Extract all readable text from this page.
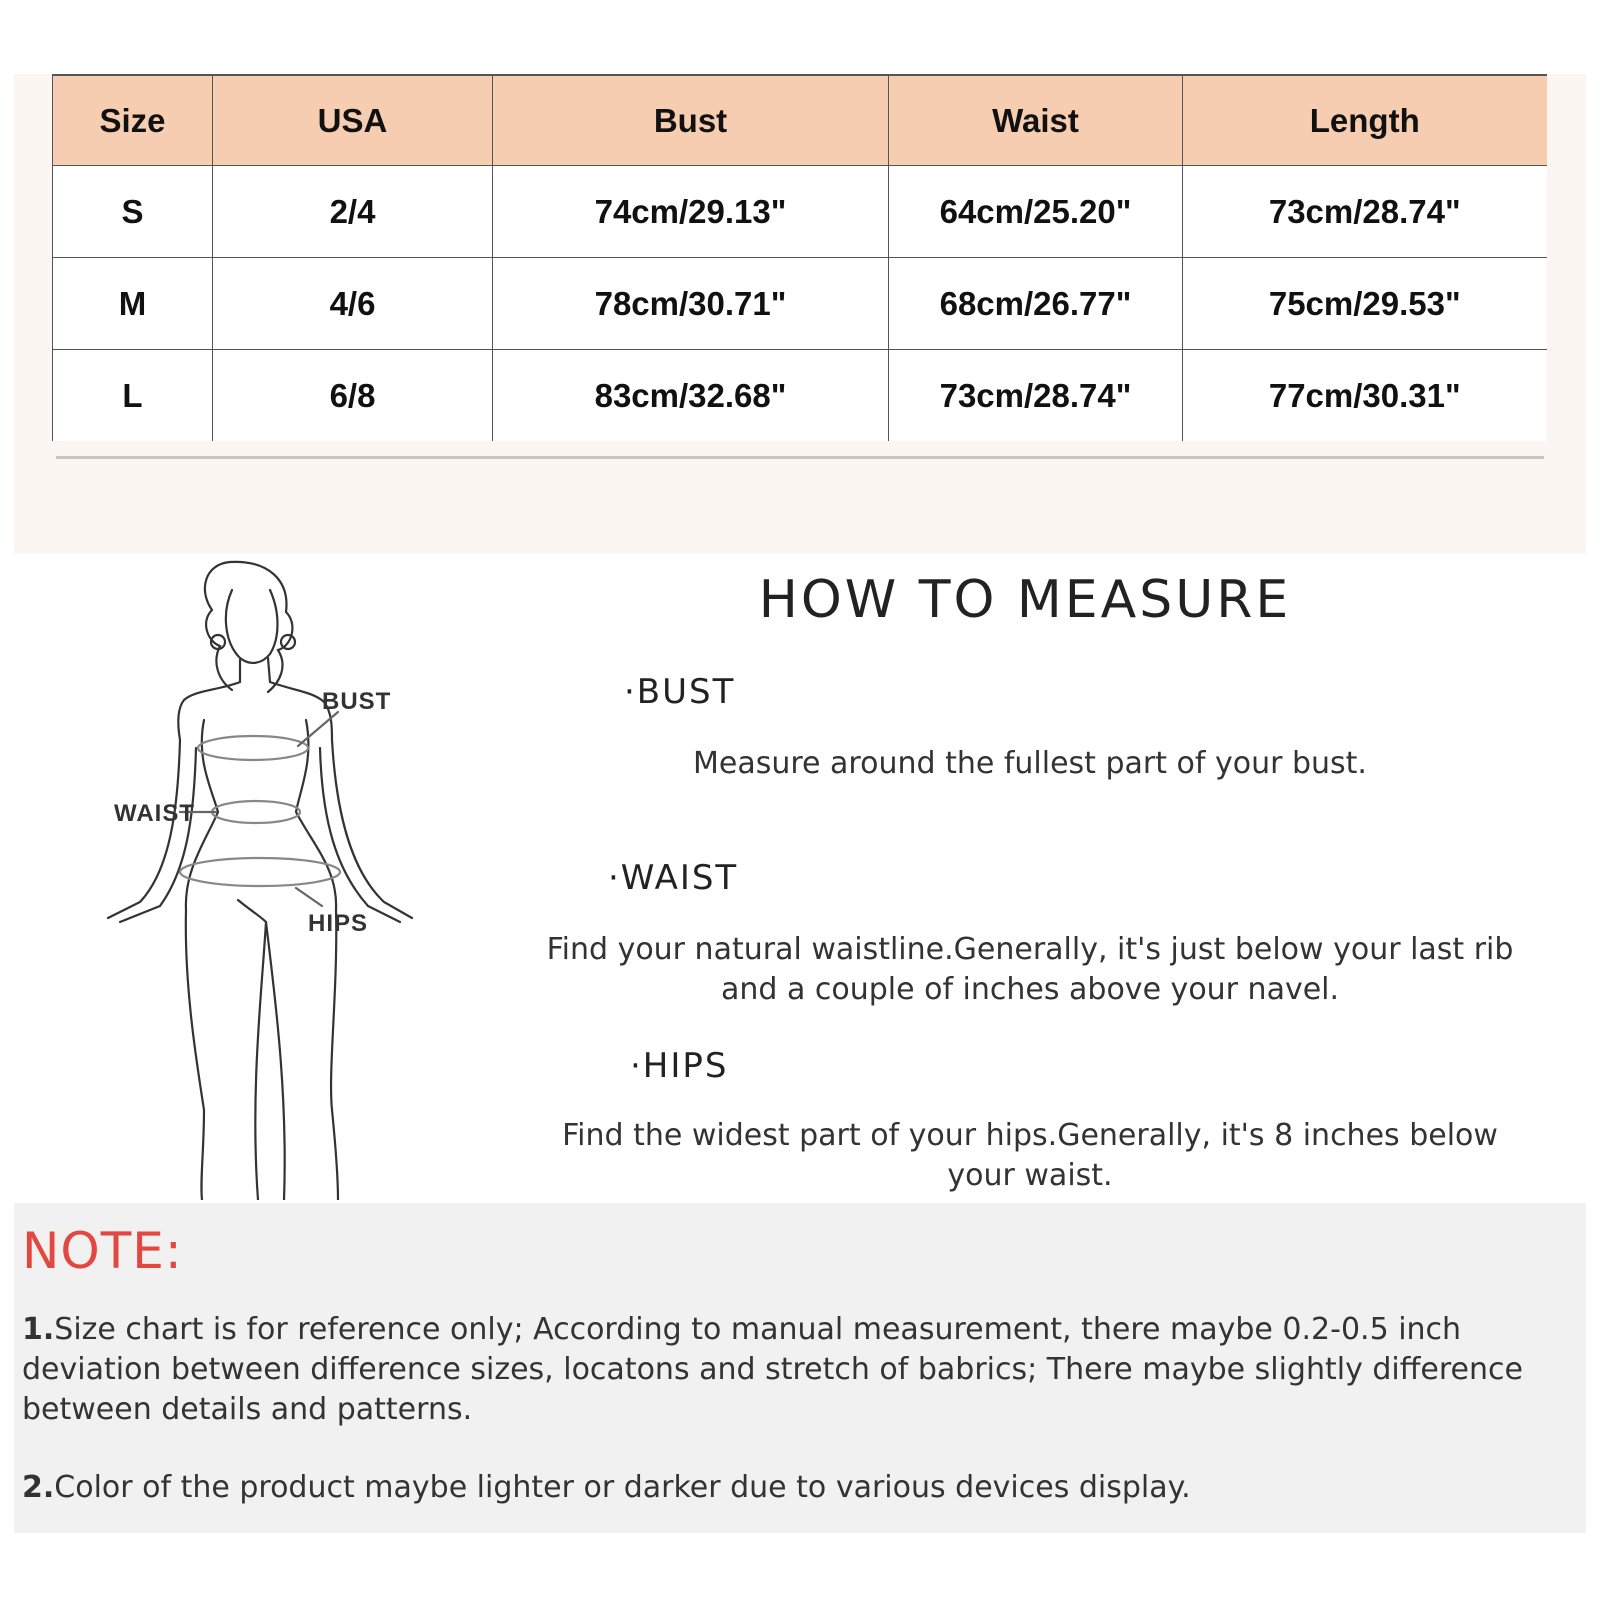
Size	USA	Bust	Waist	Length
S	2/4	74cm/29.13"	64cm/25.20"	73cm/28.74"
M	4/6	78cm/30.71"	68cm/26.77"	75cm/29.53"
L	6/8	83cm/32.68"	73cm/28.74"	77cm/30.31"
BUST
WAIST
HIPS
HOW TO MEASURE
·BUST
Measure around the fullest part of your bust.
·WAIST
Find your natural waistline.Generally, it's just below your last rib and a couple of inches above your navel.
·HIPS
Find the widest part of your hips.Generally, it's 8 inches below your waist.
NOTE:
1.Size chart is for reference only; According to manual measurement, there maybe 0.2-0.5 inch deviation between difference sizes, locatons and stretch of babrics; There maybe slightly difference between details and patterns.
2.Color of the product maybe lighter or darker due to various devices display.
